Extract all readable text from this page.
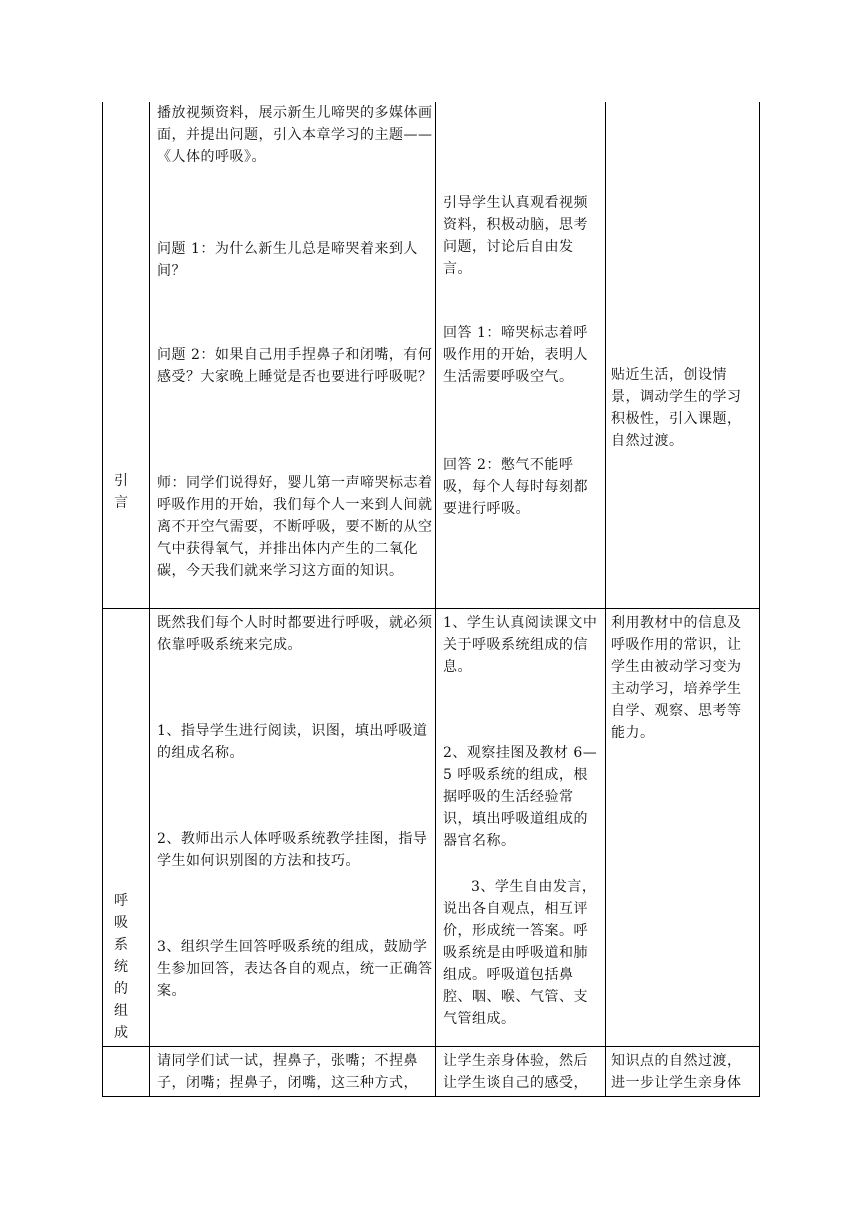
引言
播放视频资料，展示新生儿啼哭的多媒体画面，并提出问题，引入本章学习的主题——《人体的呼吸》。
问题 1：为什么新生儿总是啼哭着来到人间？
问题 2：如果自己用手捏鼻子和闭嘴，有何感受？大家晚上睡觉是否也要进行呼吸呢？
师：同学们说得好，婴儿第一声啼哭标志着呼吸作用的开始，我们每个人一来到人间就离不开空气需要，不断呼吸，要不断的从空气中获得氧气，并排出体内产生的二氧化碳，今天我们就来学习这方面的知识。
引导学生认真观看视频资料，积极动脑，思考问题，讨论后自由发言。
回答 1：啼哭标志着呼吸作用的开始，表明人生活需要呼吸空气。
回答 2：憋气不能呼吸，每个人每时每刻都要进行呼吸。
贴近生活，创设情景，调动学生的学习积极性，引入课题，自然过渡。
呼吸系统的组成
既然我们每个人时时都要进行呼吸，就必须依靠呼吸系统来完成。
1、指导学生进行阅读，识图，填出呼吸道的组成名称。
2、教师出示人体呼吸系统教学挂图，指导学生如何识别图的方法和技巧。
3、组织学生回答呼吸系统的组成，鼓励学生参加回答，表达各自的观点，统一正确答案。
1、学生认真阅读课文中关于呼吸系统组成的信息。
2、观察挂图及教材 6—5 呼吸系统的组成，根据呼吸的生活经验常识，填出呼吸道组成的器官名称。
3、学生自由发言，说出各自观点，相互评价，形成统一答案。呼吸系统是由呼吸道和肺组成。呼吸道包括鼻腔、咽、喉、气管、支气管组成。
利用教材中的信息及呼吸作用的常识，让学生由被动学习变为主动学习，培养学生自学、观察、思考等能力。
请同学们试一试，捏鼻子，张嘴；不捏鼻子，闭嘴；捏鼻子，闭嘴，这三种方式，
让学生亲身体验，然后让学生谈自己的感受，
知识点的自然过渡，进一步让学生亲身体
